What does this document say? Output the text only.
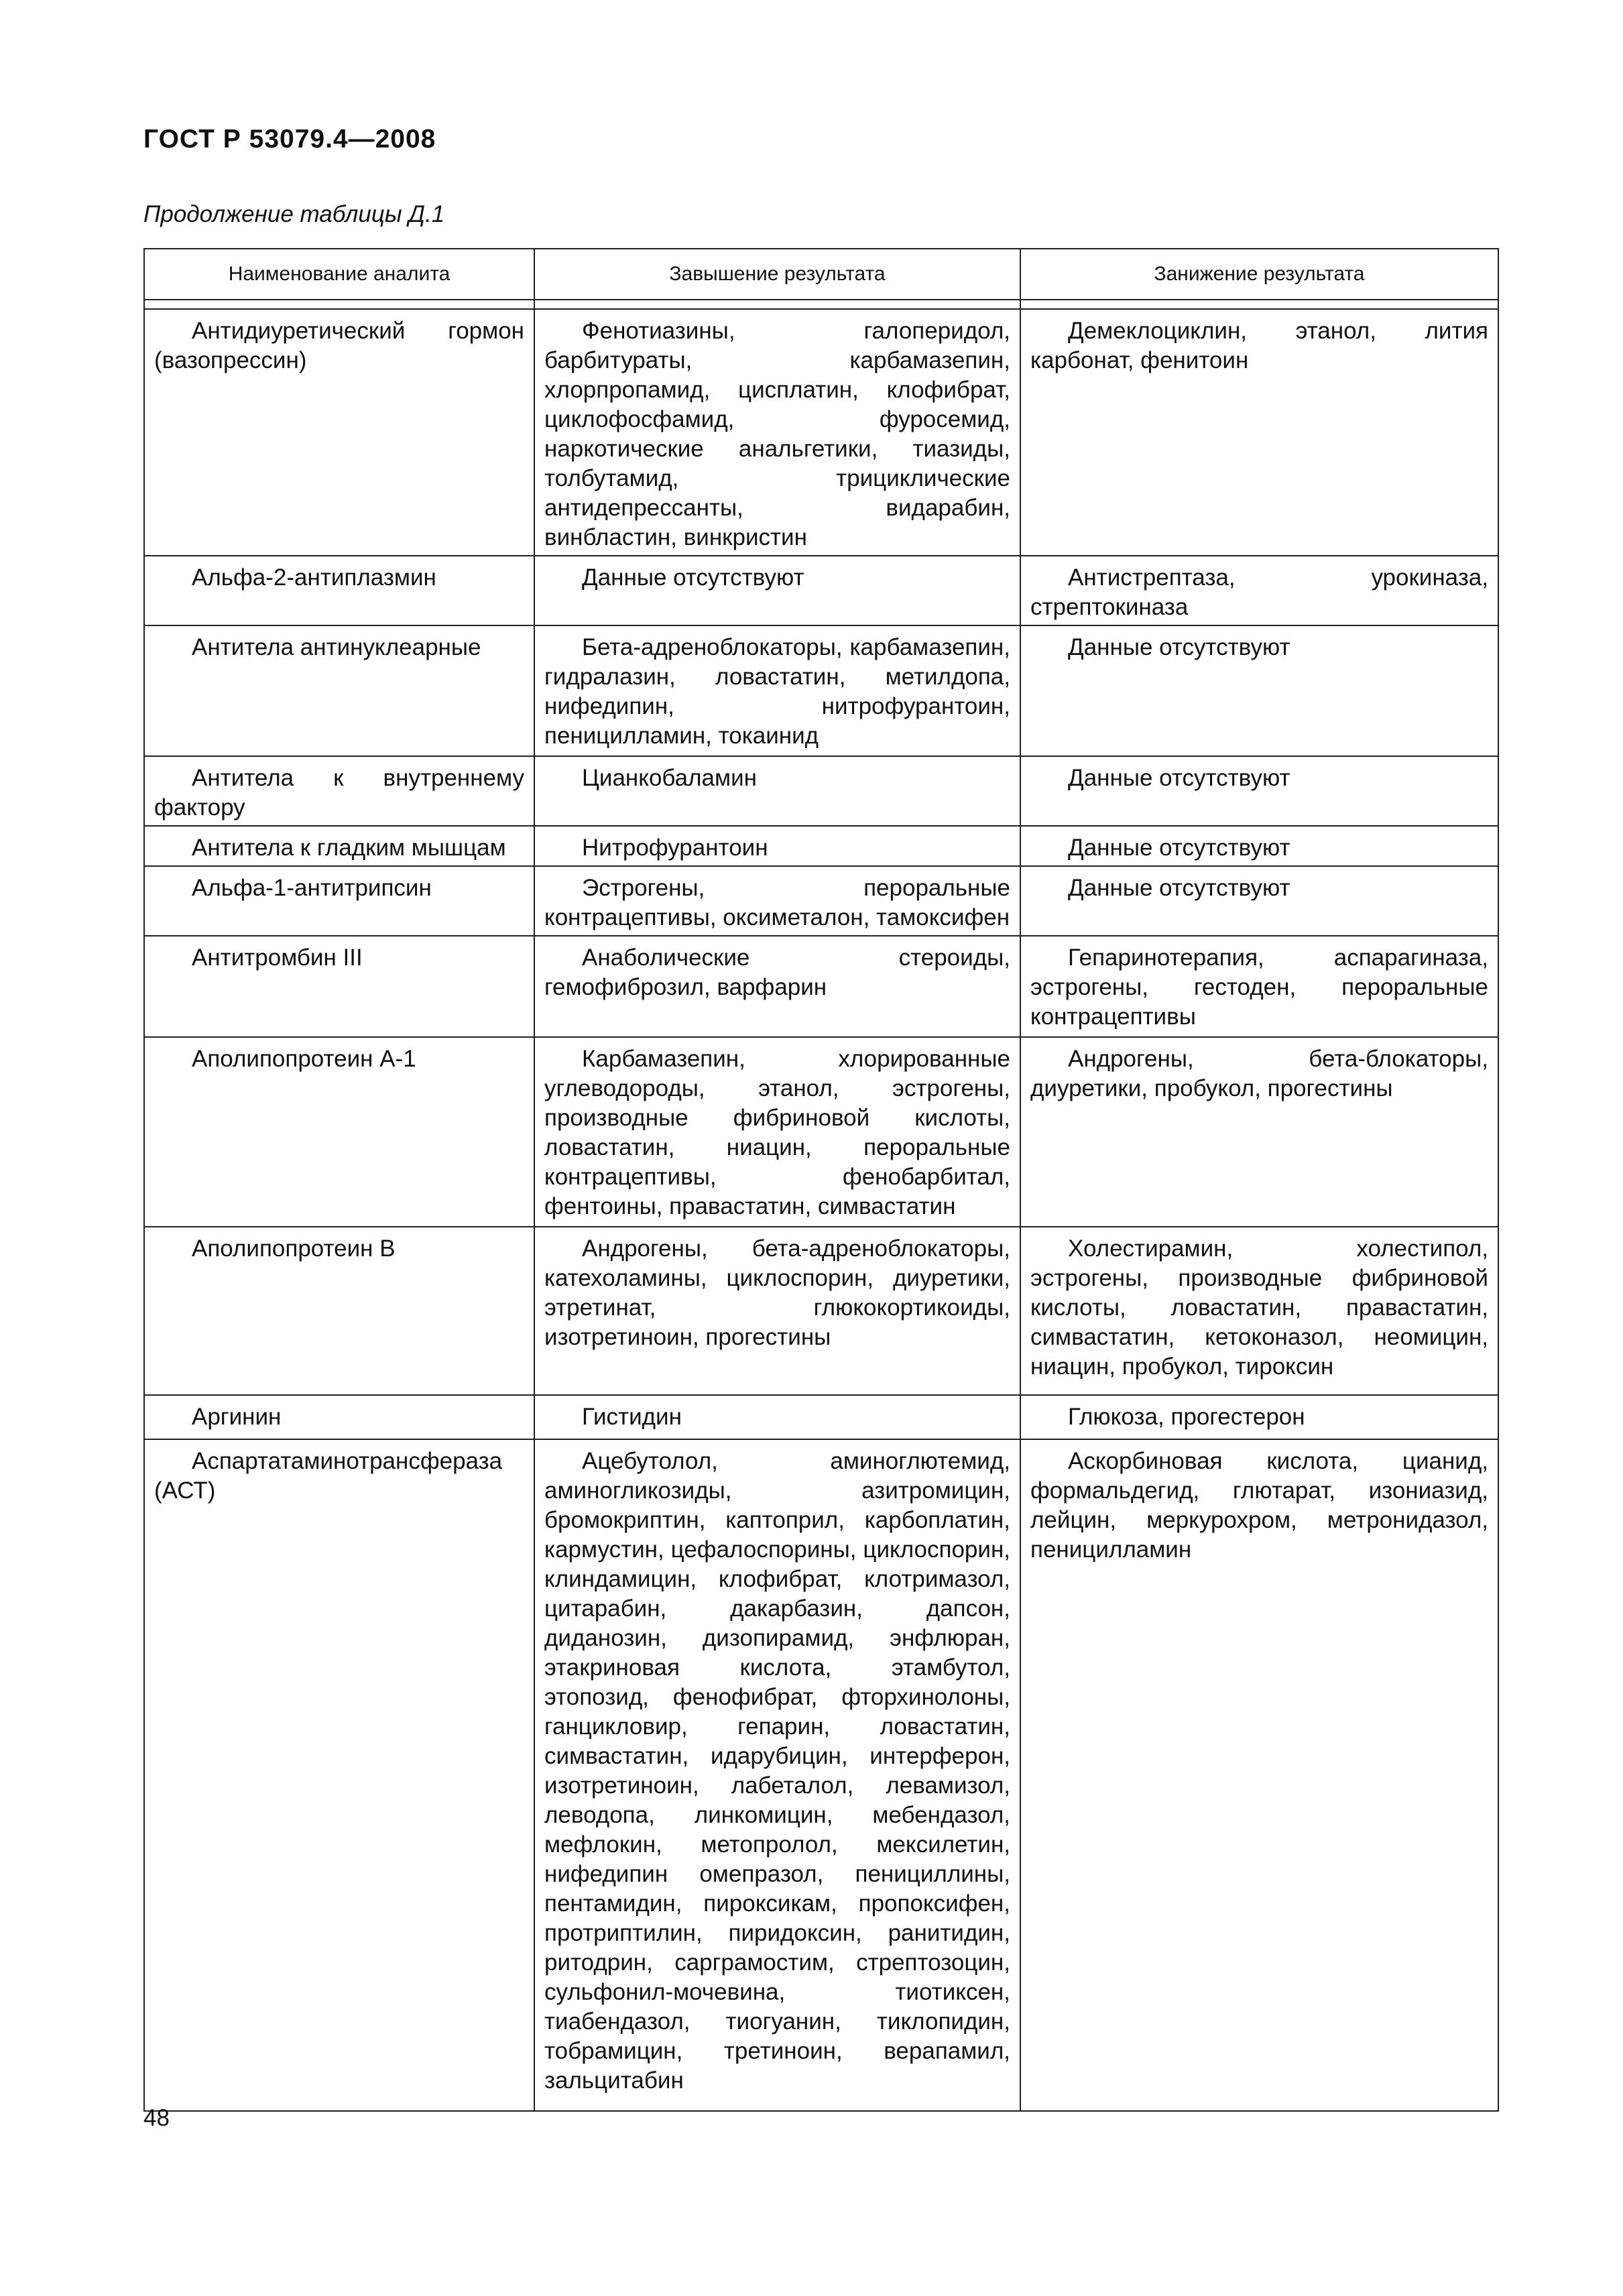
ГОСТ Р 53079.4—2008
Продолжение таблицы Д.1
Наименование аналита	Завышение результата	Занижение результата

Антидиуретический гормон (вазопрессин)	Фенотиазины, галоперидол, барбитураты, карбамазепин, хлорпропамид, цисплатин, клофибрат, циклофосфамид, фуросемид, наркотические анальгетики, тиазиды, толбутамид, трициклические антидепрессанты, видарабин, винбластин, винкристин	Демеклоциклин, этанол, лития карбонат, фенитоин
Альфа-2-антиплазмин	Данные отсутствуют	Антистрептаза, урокиназа, стрептокиназа
Антитела антинуклеарные	Бета-адреноблокаторы, карбамазепин, гидралазин, ловастатин, метилдопа, нифедипин, нитрофурантоин, пеницилламин, токаинид	Данные отсутствуют
Антитела к внутреннему фактору	Цианкобаламин	Данные отсутствуют
Антитела к гладким мышцам	Нитрофурантоин	Данные отсутствуют
Альфа-1-антитрипсин	Эстрогены, пероральные контрацептивы, оксиметалон, тамоксифен	Данные отсутствуют
Антитромбин III	Анаболические стероиды, гемофиброзил, варфарин	Гепаринотерапия, аспарагиназа, эстрогены, гестоден, пероральные контрацептивы
Аполипопротеин А-1	Карбамазепин, хлорированные углеводороды, этанол, эстрогены, производные фибриновой кислоты, ловастатин, ниацин, пероральные контрацептивы, фенобарбитал, фентоины, правастатин, симвастатин	Андрогены, бета-блокаторы, диуретики, пробукол, прогестины
Аполипопротеин В	Андрогены, бета-адреноблокаторы, катехоламины, циклоспорин, диуретики, этретинат, глюкокортикоиды, изотретиноин, прогестины	Холестирамин, холестипол, эстрогены, производные фибриновой кислоты, ловастатин, правастатин, симвастатин, кетоконазол, неомицин, ниацин, пробукол, тироксин
Аргинин	Гистидин	Глюкоза, прогестерон
Аспартатаминотрансфераза (АСТ)	Ацебутолол, аминоглютемид, аминогликозиды, азитромицин, бромокриптин, каптоприл, карбоплатин, кармустин, цефалоспорины, циклоспорин, клиндамицин, клофибрат, клотримазол, цитарабин, дакарбазин, дапсон, диданозин, дизопирамид, энфлюран, этакриновая кислота, этамбутол, этопозид, фенофибрат, фторхинолоны, ганцикловир, гепарин, ловастатин, симвастатин, идарубицин, интерферон, изотретиноин, лабеталол, левамизол, леводопа, линкомицин, мебендазол, мефлокин, метопролол, мексилетин, нифедипин омепразол, пенициллины, пентамидин, пироксикам, пропоксифен, протриптилин, пиридоксин, ранитидин, ритодрин, сарграмостим, стрептозоцин, сульфонил-мочевина, тиотиксен, тиабендазол, тиогуанин, тиклопидин, тобрамицин, третиноин, верапамил, зальцитабин	Аскорбиновая кислота, цианид, формальдегид, глютарат, изониазид, лейцин, меркурохром, метронидазол, пеницилламин
48
